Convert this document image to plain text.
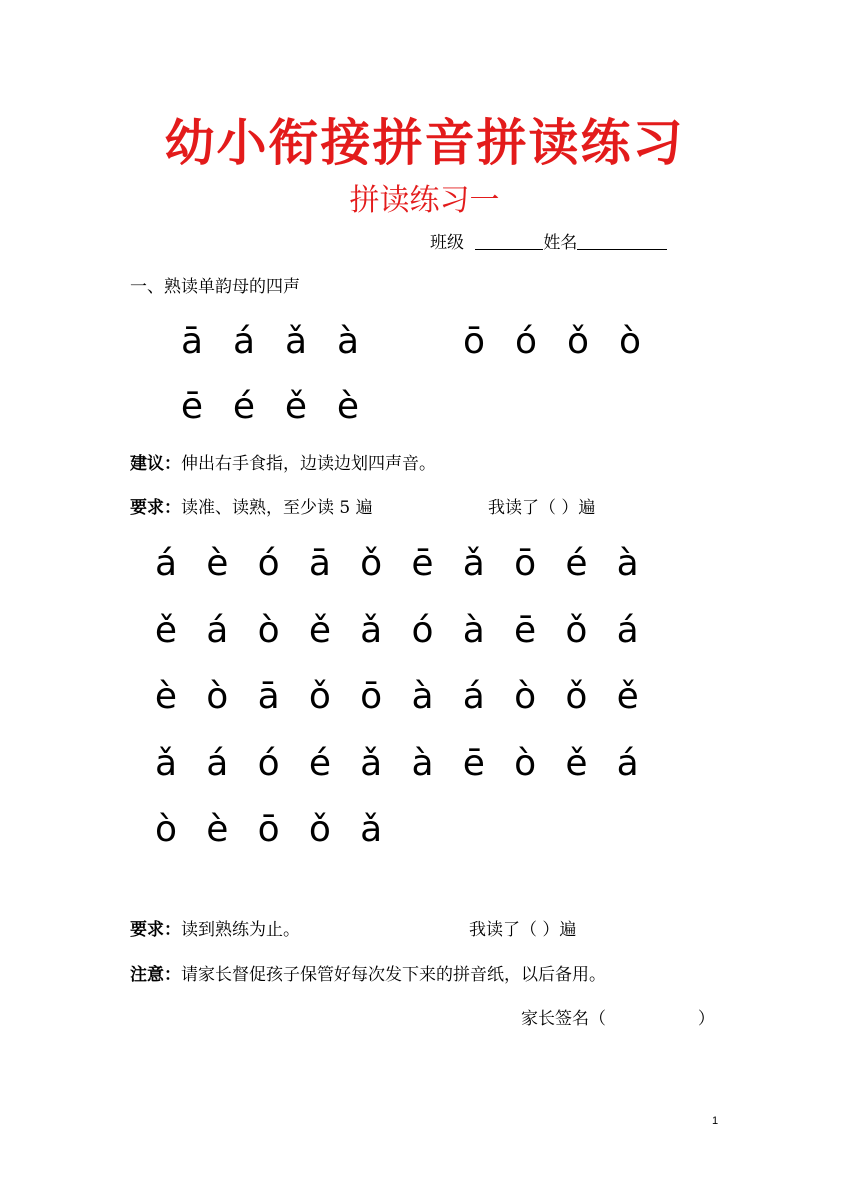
幼小衔接拼音拼读练习
拼读练习一
班级	姓名
一、熟读单韵母的四声
ā á ǎ à	ō ó ǒ ò
ē é ě è
建议：伸出右手食指，边读边划四声音。
要求：读准、读熟，至少读 5 遍	我读了（ ）遍
á è ó ā ǒ ē ǎ ō é à
ě á ò ě ǎ ó à ē ǒ á
è ò ā ǒ ō à á ò ǒ ě
ǎ á ó é ǎ à ē ò ě á
ò è ō ǒ ǎ
要求：读到熟练为止。	我读了（ ）遍
注意：请家长督促孩子保管好每次发下来的拼音纸，以后备用。
家长签名（                 ）
1
